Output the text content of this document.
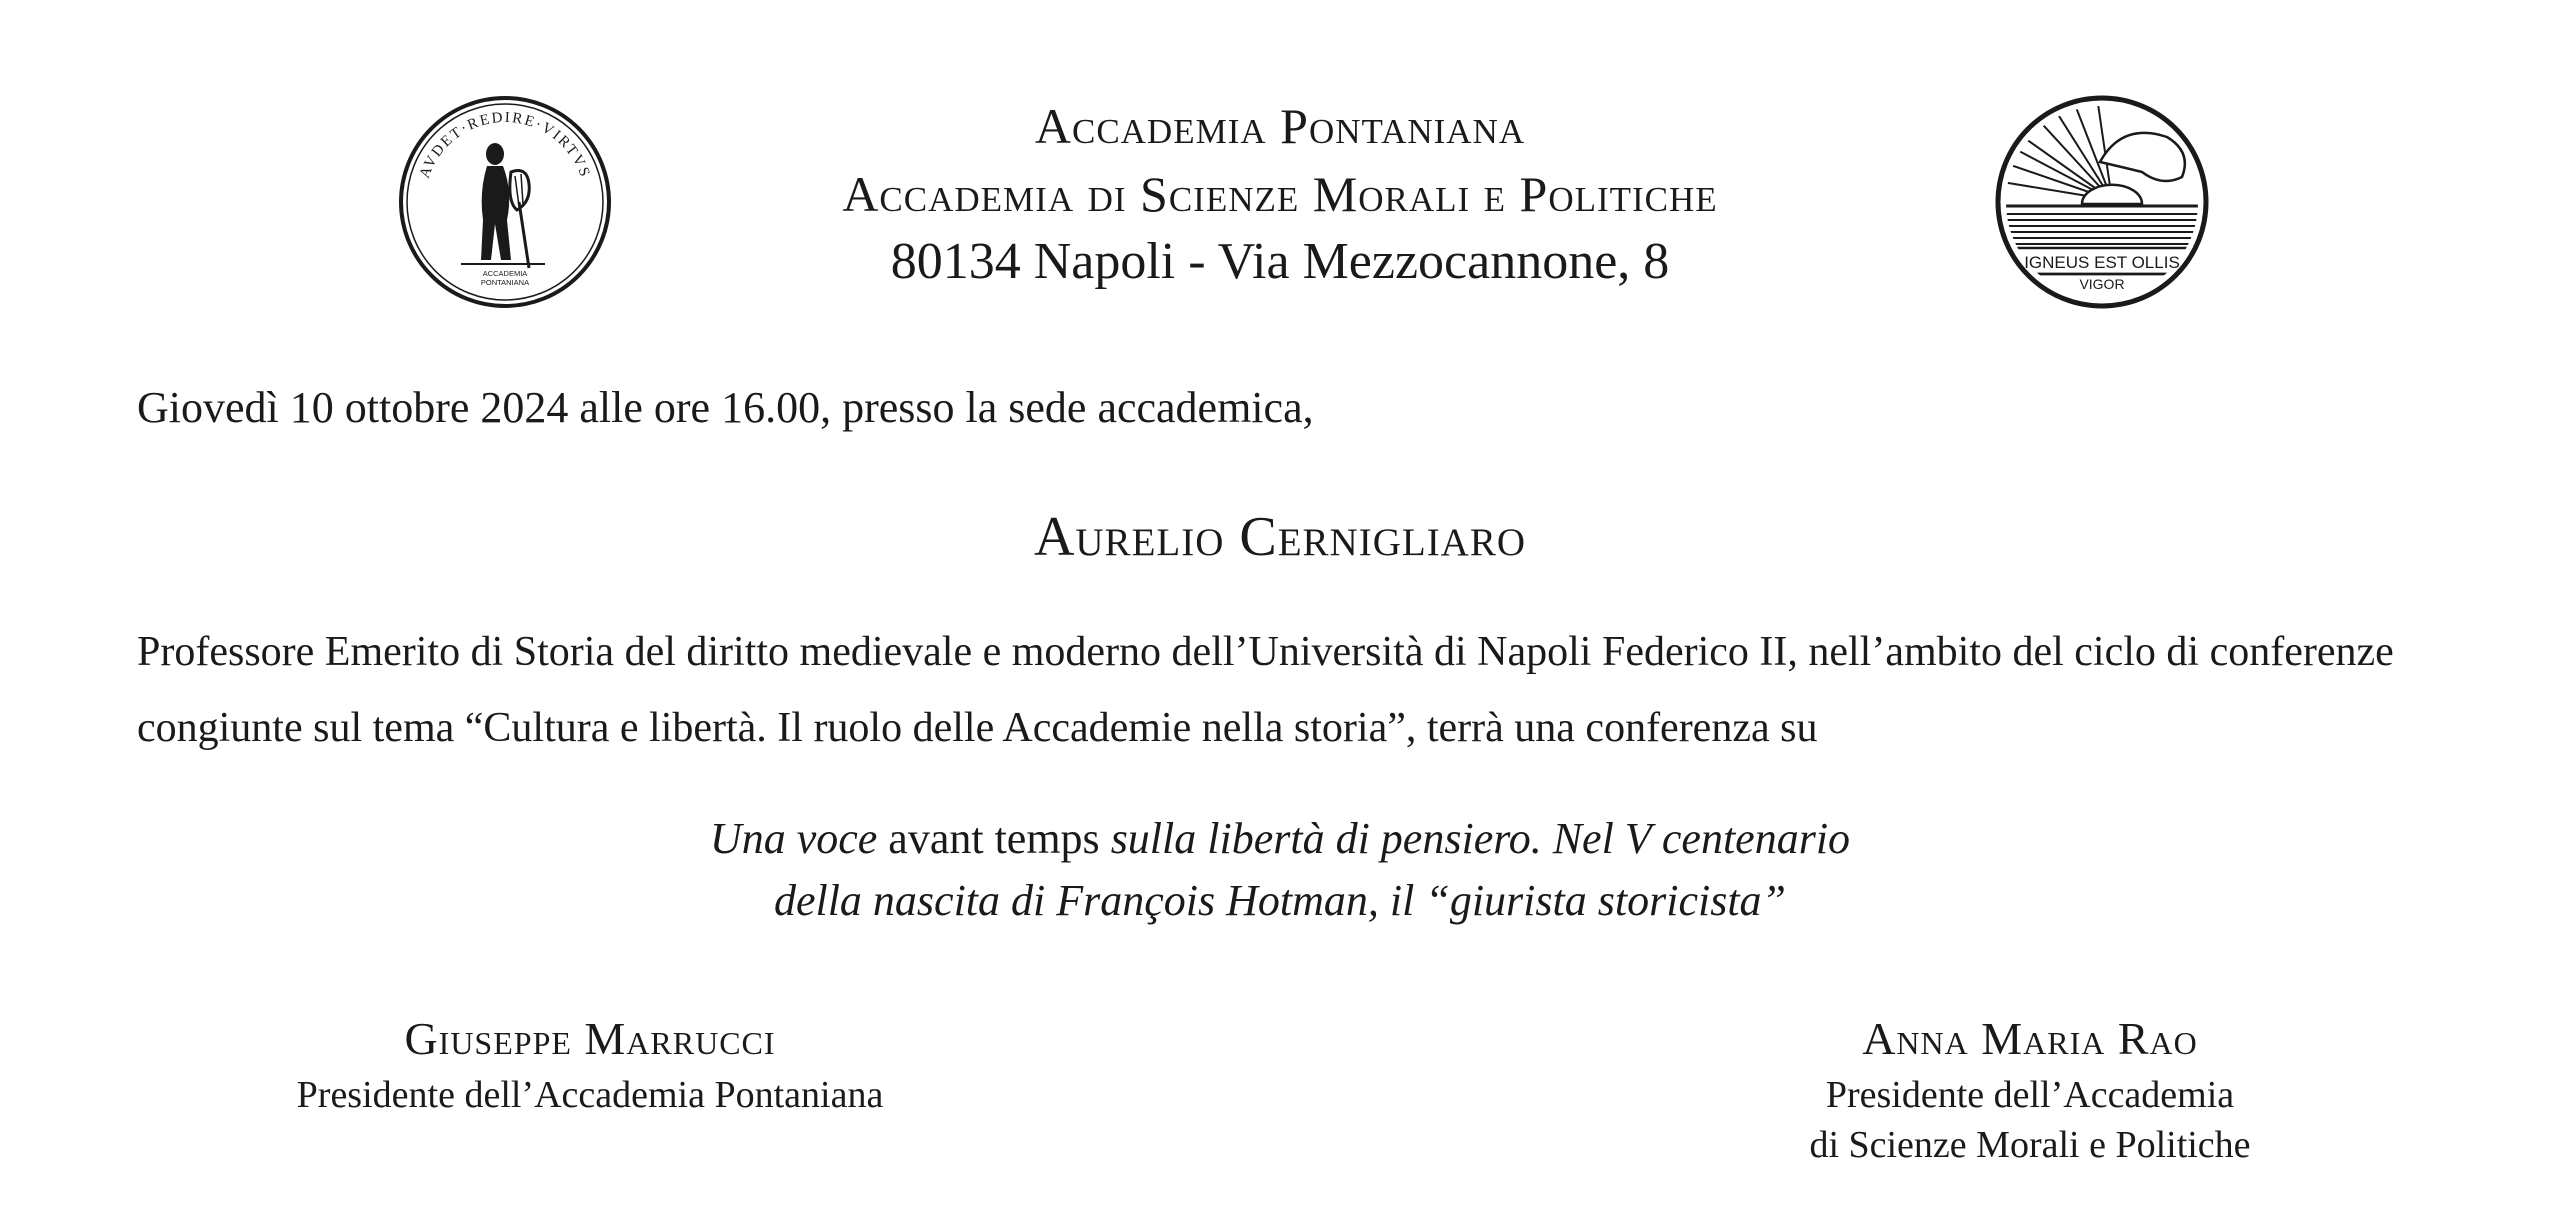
AVDET·REDIRE·VIRTVS
ACCADEMIA
PONTANIANA
Accademia Pontaniana
Accademia di Scienze Morali e Politiche
80134 Napoli - Via Mezzocannone, 8	IGNEUS EST OLLIS
VIGOR
Giovedì 10 ottobre 2024 alle ore 16.00, presso la sede accademica,
Aurelio Cernigliaro
Professore Emerito di Storia del diritto medievale e moderno dell’Università di Napoli Federico II, nell’ambito del ciclo di conferenze congiunte sul tema “Cultura e libertà. Il ruolo delle Accademie nella storia”, terrà una conferenza su
Una voce avant temps sulla libertà di pensiero. Nel V centenario
della nascita di François Hotman, il “giurista storicista”
Giuseppe Marrucci
Presidente dell’Accademia Pontaniana
Anna Maria Rao
Presidente dell’Accademia
di Scienze Morali e Politiche
